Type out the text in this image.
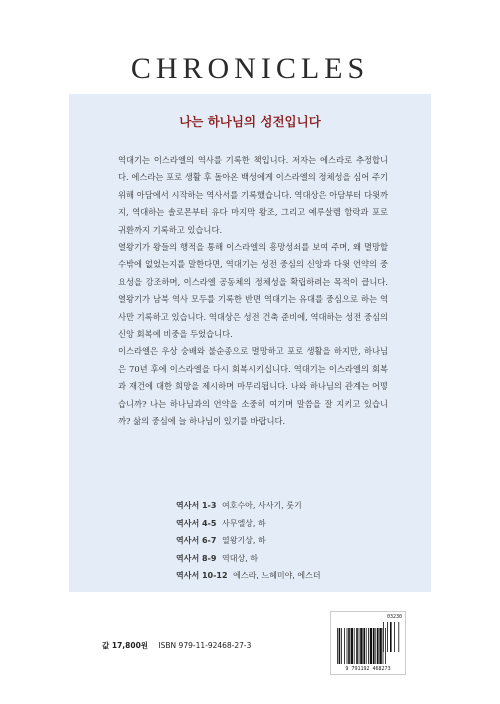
CHRONICLES
나는 하나님의 성전입니다

역대기는 이스라엘의 역사를 기록한 책입니다. 저자는 에스라로 추정합니다. 에스라는 포로 생활 후 돌아온 백성에게 이스라엘의 정체성을 심어 주기 위해 아담에서 시작하는 역사서를 기록했습니다. 역대상은 아담부터 다윗까지, 역대하는 솔로몬부터 유다 마지막 왕조, 그리고 예루살렘 함락과 포로 귀환까지 기록하고 있습니다.

열왕기가 왕들의 행적을 통해 이스라엘의 흥망성쇠를 보여 주며, 왜 멸망할 수밖에 없었는지를 말한다면, 역대기는 성전 중심의 신앙과 다윗 언약의 중요성을 강조하며, 이스라엘 공동체의 정체성을 확립하려는 목적이 큽니다. 열왕기가 남북 역사 모두를 기록한 반면 역대기는 유대를 중심으로 하는 역사만 기록하고 있습니다. 역대상은 성전 건축 준비에, 역대하는 성전 중심의 신앙 회복에 비중을 두었습니다.

이스라엘은 우상 숭배와 불순종으로 멸망하고 포로 생활을 하지만, 하나님은 70년 후에 이스라엘을 다시 회복시키십니다. 역대기는 이스라엘의 회복과 재건에 대한 희망을 제시하며 마무리됩니다. 나와 하나님의 관계는 어떻습니까? 나는 하나님과의 언약을 소중히 여기며 말씀을 잘 지키고 있습니까? 삶의 중심에 늘 하나님이 있기를 바랍니다.

역사서 1-3 여호수아, 사사기, 룻기
역사서 4-5 사무엘상, 하
역사서 6-7 열왕기상, 하
역사서 8-9 역대상, 하
역사서 10-12 에스라, 느헤미야, 에스더
값 17,800원 ISBN 979-11-92468-27-3
03230
9 791192 468273
